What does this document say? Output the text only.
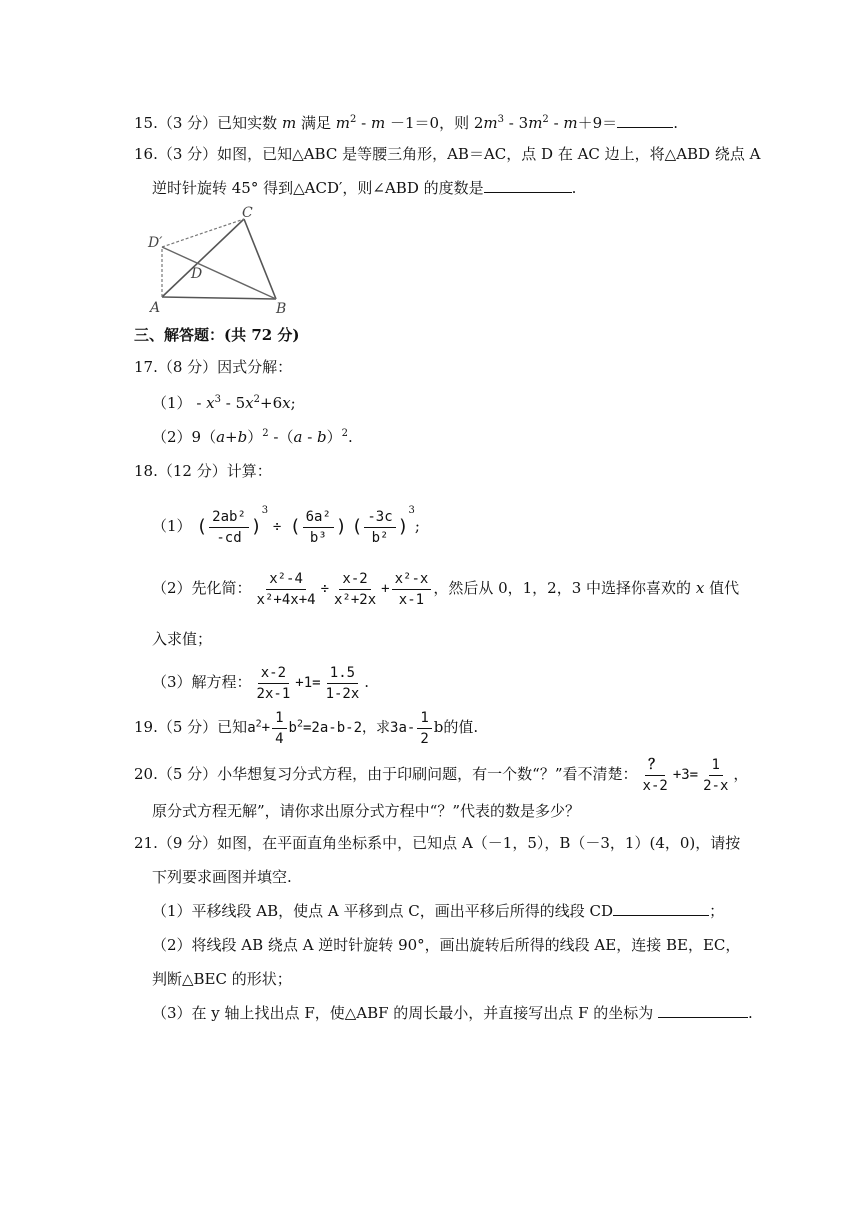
15.（3 分）已知实数 m 满足 $m^2 - m -1=0$，则 $2m^3 - 3m^2 - m+9=$	.
16.（3 分）如图，已知△ABC 是等腰三角形，AB＝AC，点 D 在 AC 边上，将△ABD 绕点 A
逆时针旋转 45° 得到△ACD′，则∠ABD 的度数是	.
C
D′
D
A	B
三、解答题：(共 72 分)
17.（8 分）因式分解：
$(1) - x^3 - 5x^2+6x$;
$(2)9(a+b)^2$ -（a - b）$^2$.
18.（12 分）计算：
（1） ( $\frac{\text{2ab²}}{-cd} )^3$ ÷ ( $\frac{\text{6a²}}{\text{b³}}$ ) ( $\frac{-3c}{\text{b²}} )^3$;
（2）先化简： $\frac{\text{x²-4}}{\text{x²+4x+4}} \div \frac{x-2}{\text{x²+2x}} + \frac{\text{x²-x}}{x-1}$ ，然后从 0，1，2，3 中选择你喜欢的 x 值代
入求值；
（3）解方程： $\frac{x-2}{2x-1} +1= \frac{1.5}{1-2x}$ .
19.（5 分）已知$a^2+ \frac{1}{4} b^2=2a-b-2$，求$3a- \frac{1}{2}$ b的值.
20.（5 分）小华想复习分式方程，由于印刷问题，有一个数“？”看不清楚： $\frac{?}{x-2} +3= \frac{1}{2-x}$ ，
原分式方程无解”，请你求出原分式方程中“？”代表的数是多少？
21.（9 分）如图，在平面直角坐标系中，已知点 A（－1，5），B（－3，1）(4，0)，请按
下列要求画图并填空.
（1）平移线段 AB，使点 A 平移到点 C，画出平移后所得的线段 CD	；
（2）将线段 AB 绕点 A 逆时针旋转 90°，画出旋转后所得的线段 AE，连接 BE，EC，
判断△BEC 的形状；
（3）在 y 轴上找出点 F，使△ABF 的周长最小，并直接写出点 F 的坐标为	.
